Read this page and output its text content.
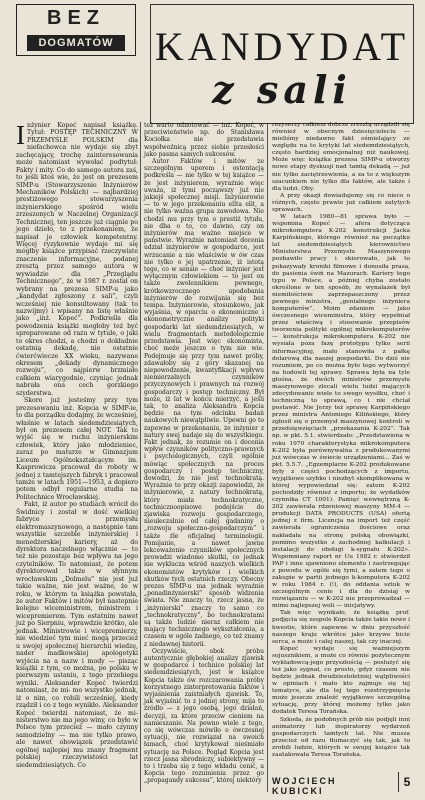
BEZ
DOGMATÓW KANDYDAT
z sali

Inżynier Kopeć napisał książkę. Tytuł: POSTĘP TECHNICZNY W PRZEMYŚLE POLSKIM dla niefachowca nie wydaje się zbyt zachęcający, trochę zainteresowania może natomiast wywołać podtytuł: Fakty i mity. Co do samego autora zaś, to jeśli ktoś wie, że jest on prezesem SIMP-u (Stowarzyszenie Inżynierów Mechaników Polskich) — najbardziej prestiżowego stowarzyszenia inżynierskiego spośród wielu zrzeszonych w Naczelnej Organizacji Technicznej, ten jeszcze już ciągnie po jego dzieło, to z przekonaniem, że napisał je człowiek kompetentny. Więcej ryzykownie wydaje mi się mógłby książce przypisać rzeczywiste znaczenie informacyjne, podanej zresztą przez samego autora w wywiadzie dla „Przeglądu Technicznego”, że w 1987 r. został on wybrany na prezesa SIMP-u jako „kandydat zgłoszony z sali”, czyli wcześniej nie konsultowany (tak to nazwijmy) i wpisany na listę właśnie jako „inż. Kopeć”. Podkreśla dla powodzenia książki mogłoby też być spreparowane od razu w tytule, o jaki to okres chodzi, a chodzi o dokładnie ostatnią dekadę, nie ostatnie ćwierćwiecze XX wieku, nazywane okresem „dekady dynamicznego rozwoju”, co najpierw brzmiało całkiem wiarygodnie, czyniąc jednak nabrała ona cech gorzkiego szyderstwa.

Skoro już jesteśmy przy tym prezesowaniu inż. Kopcia w SIMP-ie, to dla porządku dodajmy, że wcześniej, właśnie w latach siedemdziesiątych, był on prezesem całej NOT. Tak to wyjść się w ruchu inżynierskim człowiek, który jako młodzieniec, zaraz po maturze w Gimnazjum Liceum Ogólnokształcącym im. Kasprowicza pracował do roboty w jednej z tamtejszych fabryk i pracował tamże w latach 1951—1953, a dopiero potem odbył regularne studia na Politechnice Wrocławskiej.

Fakt, iż autor po studiach wrócił do Świdnicy i został w dość wielkiej fabryce przemysłu elektromaszynowego, a następnie tam wszystkie szczeble inżynierskiej i menedżerskiej kariery, aż do dyrektora naczelnego włącznie — to też nie pozostaje bez wpływu na jego czytelników. To natomiast, że potem dyrektorował także w słynnym wrocławskim „Dolmelu” nie jest już takie ważne, nie jest ważne, że w roku, w którym ta książka powstała, że autor Faktów i mitów był nastepnie kolejno wiceministrem, ministrem i wicepremierem. Tym ostatnim nawet już po Sierpniu, wprawdzie krótko, ale jednak. Ministrowie i wicepremierzy, nie wiedzieć tym mieć mogą przecież u swojej społecznej hierarchii wiedzę, nader madkowskiej apologetyki wyjścia na a nazw i mody — pisząc książki z tym, co można, po polsku w pierwszym ustaniu, z tego przebiegu wyniki. Aleksander Kopeć twierdzi natomiast, że mi- mo wszystko jednak, iż o nim, co robili wcześniej, kiedy rządził i co z tego wynikło. Aleksander Kopeć twierdzi natomiast, że mi- nisterstwo nie ma jego winy, co było w Polsce tym przecież — mało czynny samodzielny — ma nie tylko prawo, ale nawet obowiązek przedstawić ogólnej najlepiej mu znany fragment polskiej rzeczywistości lat siedemdziesiątych. Co

też warto odnotować — inż. Kopeć, w przeciwieństwie np. do Stanisława Kociołka nie przedstawia współwoźnicą przez siebie przesłości jako pasma samych sukcesów.

Autor Faktów i mitów ze szczególnym uporem i ostentacją podkreśla — nie tylko w tej książce — że jest inżynierem, wyraźnie więc uważa, iż tymi począwszy już nie jakiejś społecznej misji. Inżynierowie — to w jego przekonaniu elita elit, a nie tylko ważna grupa zawodowa. Nie chodzi mu przy tym o prestiż tytułu, nie dba o to, co dawno, czy on inżynierów ma ważne miejsce w państwie. Wyraźnie natomiast docenia udział inżynierów w gospodarce, jest wrzucanie a nie właściwie w ów czas nie tylko o jej upatrzenie, iż istotą tego, co w sensie — choć inżynier jest wyłącznym człowiekiem — to jest on także zwolennikiem pewnego, krótkowzrocznego upodobania inżynierów do rozwijania się bez tempa. Inżynierowie, stosunkowo, jak wyjaśnia, w oparciu o ekonomiczne i ekonometryczne analizy polityki gospodarki lat siedemdziesiątych, w wielu fragmentach metodologicznie przedstawia. Jest więc ekonomista, choć może jeszcze o tym nie wie. Podejmuje się przy tym nawet próby, zdawałoby się z góry skazanej na niepowodzenie, kwantyfikacji wpływu niemierzalnych czynników przyczynowych i prawnych na rozwój gospodarczy i postęp techniczny. Był może, iż lat w końcu mierzyć, a jeśli tak, to analiza Aleksandra Kopcia będzie na tym odcinku badań naukowych niewątpliwie. Upewni go to zapewne w przekonaniu, że inżynier z natury swej nadaje się do wszystkiego. Fakt jednak, że rozumie on i docenia wpływ czynników polityczno-prawnych i psychologicznych, czyli ogólnie mówiąc społecznych na proces gospodarczy i postęp techniczny, dowodzi, że nie jest technokratą. Wyraźnie to przy okazji zapowiedzi, że inżynierowie, z natury technokratą, który miała technokratyczne, technicznoopisowe podejście do zjawiska rozwoju gospodarczego, nieuleczalnie od całej gadaniny o „rozwoju społeczno-gospodarczym” i także źle oficjalnej terminologii. Pomijanie, a nawet jawne lekceważenie czynników społecznych prowadzi wiadomo skutki, co jednak nie wyklucza wśród naszych wielkich ekonomistów krytyków i wielkich skutków tych ostatnich rzeczy. Obecny prezes SIMP-u ma jednak wyraźnie „ponadinżynierski” sposób widzenia świata. Nie znaczy to, rzecz jasna, że „inżynierski” znaczy to samo co „technokratyczny”, bo technokratami są także ludzie nieraz całkiem nie mający technicznego wykształcenia, a czasem w ogóle żadnego, co też znamy z niedawnej historii.

Oczywiście, obok próbu autentycznie głębokiej analizy zjawisk w gospodarce i technice polskiej lat siedemdziesiątych, jest w książce Kopcia także ów rozczarowania próby korzystnego zinterpretowania faktów i wyjaśnienia zaistniałych zjawisk. To, jak wyjaśnić to z jednej strony, mija to źródło — z jego osobą, jego działań, decyzji, za które przeciw cieniem na namieszanie. Na pewno wiele z tego, co się wówczas mówiło o ówczesnej sytuacji, nie rozwiązał na swoich łamach, choć krytykował nieśmiało sytuację na Polsce. Pogląd Kopcia jest rzecz jasna sbrodniczy, subiektywny — to i trzeba się z tego wkładu cenić, a Kopcia tego rozumienia przez go „propagandy sukcesu”, której niektóry

rezyserzy całkiem dobrze zresztą urządzili się również w obecnym dziesięcioleciu — mieliśmy niedawno fakt ośmielający ze względu na to krytyki lat siedemdziesiątych, często bardziej emocjonalnej niż naukowej. Może więc książka prezesa SIMP-u otworzy nowe etapy dyskusji nad tamtą dekadą — już nie tylko zaciętrzewienia, a za to z większym szacunkiem nie tylko dla faktów, ale także i dla ludzi. Oby.

A przy okazji dowiadujemy się co nieco o różnych, często prawie już całkiem zatytych sprawach.

W latach 1980—81 sprawa było — wspomina Kopeć — afera dotycząca mikrokomputera K-202 konstrukcji Jacka Karpińskiego, którego również na początku lat siedemdziesiątych kierownictwo Ministerstwa Przemysłu Maszynowego pozbawiło pracy i skierowało, jak to pokazywały kroniki filmowe i donosiła prasa, do pasienia świń na Mazurach. Kariery tego typu w Polsce, a później chyba zostało określone w ten sposób, że wynalazek był niemiłościwie zaprzepaszczony przez pewnego ministra, „genialnego inżyniera komputerów”. Moim zdaniem — jako ówczesnego wiceministra, który wypełniał przez właściwą i stosowanie przepisów tworzenia polityki ogólnej mikrokomputerów — konstrukcja mikrokomputera K-202 nie wysiała poza fazę prototypu tylko serii informacyjnej, mało stanowiła z pałkę dolarową dla naszej gospodarki. Do dziś nie rozumiem, po co można było tego wytworzyć na hodowli tej sprawy. Sprawa była na tyle głośna, że dwóch ministrów przemysłu maszynowego zlecali wielu ludzi mających zdecydowanie wiele to swego wysiłku, choć i techniczną to sprawą, co i nie chciał postawić. Nie Jerzy też sprawę Karpińskiego przez ministra Antoniego Kilińskiego, który zgłosił się o przemysł maszynowej kontroli w przedsięwzięciach „przekazania K-202”. Tak np. w pkt. 5.1. stwierdzało: „Przedstawiona w roku 1970 charakterystyka mikrokomputera K-202 była porównywalna z produkowanymi już wówczas w świecie urządzeniami... Zaś w pkt. 5.5.7. „Egzemplarze K-202 produkowane były z części pochodzących z importu, wyjątkowo szybko i niezbyt skomplikowana w której wypowiedział się: zatem K-202 pochodziły również z importu; że wydatków czynnika CT 1001). Pamięć wewnętrzną K-202 zawierała rdzeniowej maszyny MM-4 — produkcji DATA PRODUCTS (USA) ofertą jednej z firm. Licencja na import też część zawierała ograniczenia ilościowe oraz nakładała na stronę polską obowiązki, pomimo wszystko z zachodniej kalkulacji i instalacji do obsługi k-sygnału K-202». Wspomniany raport nr Uu 1982 r. stwierdził PAP i inne ujawniono elementu i zastrzegając z powodu w ogóle się tymi, a zatem tego o zakupie w partii jednego k-komputera K-202 w roku 1984 r. (!), do oddania sztuk w szczególnym cenie i dla do dzisiaj w rozwiązaniu — w K-202 nie przeprowadzał — mimo najlepszej woli — inicjatywy.

Tak więc wynikało, że książkę prof. podjęcia się zespole Kopcia także takie nowe i kwestie, które zapewne w dniu przyszłość naszego kraju wkrótce jako krzywe bicie serca, a może i całej naszej, tak czy inaczej.

Kopeć wydaje się ważniejszym sojusznikiem, a może co równie pożytecznym wykładowcą-jego przyszłością — posłużyć się też jako sygnał, co prosto, gdyż czasem nie będzie jednak dwudziestoletniej wątpliwości w opiniach i mało kto zajmuje się tej tematyce, ale dla tej tego rozstrzygnięcia może jeszcze znaleźć wyjątkowo szczególną sytuację, przy której możemy tylko jako dodatek Teresa Torańska.

Szkoda, że podobnych prób nie podjęli inni animatorzy lub inspiratorzy wydarzeń gospodarczych tamtych lat. Nie musza przecież od razu tłumaczyć się tak, jak to zrobili ludzie, których w swojej książce tak zaatakowała Teresa Torańska.

WOJCIECH KUBICKI
5
